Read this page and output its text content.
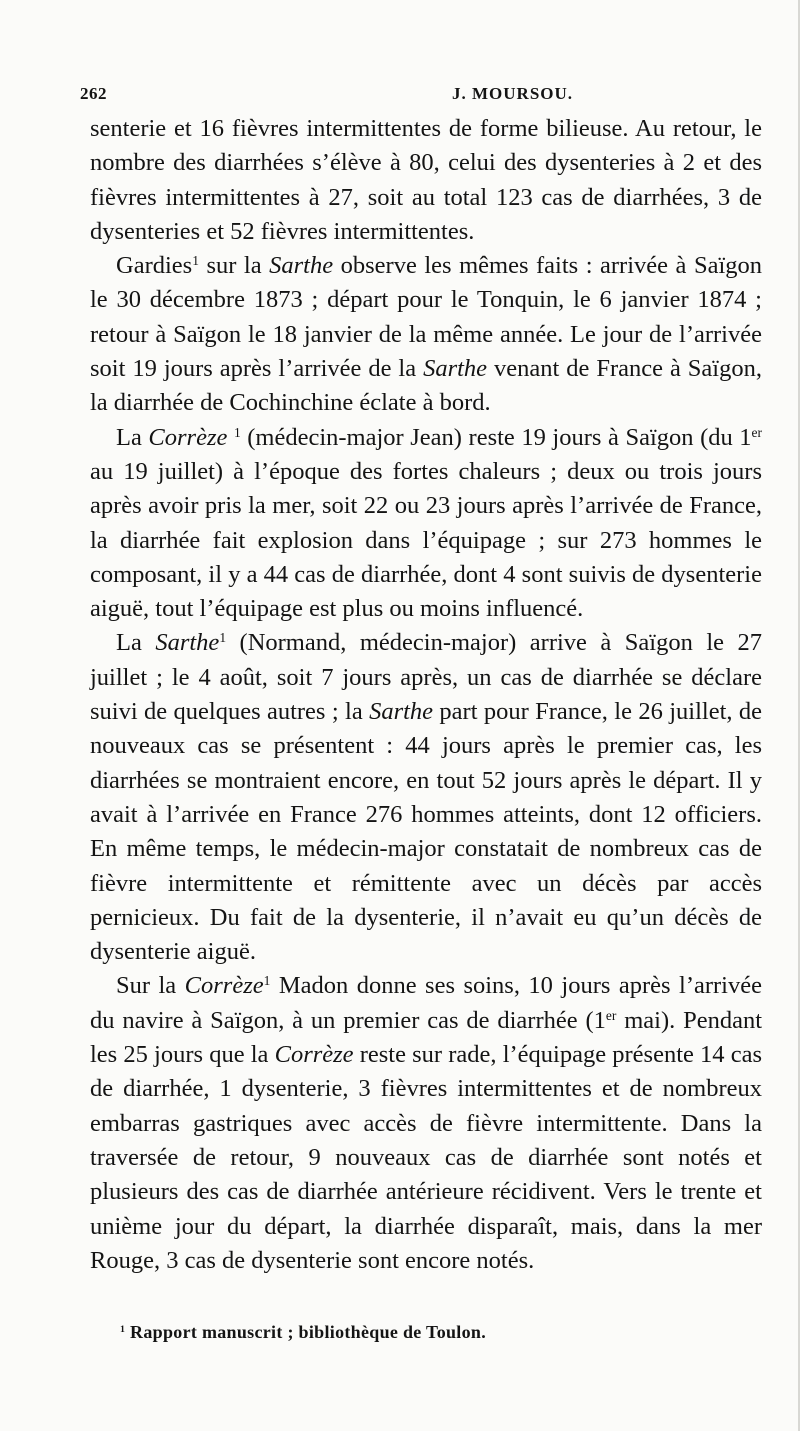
262	J. MOURSOU.

senterie et 16 fièvres intermittentes de forme bilieuse. Au retour, le nombre des diarrhées s’élève à 80, celui des dysenteries à 2 et des fièvres intermittentes à 27, soit au total 123 cas de diarrhées, 3 de dysenteries et 52 fièvres intermittentes.

Gardies$^1$ sur la Sarthe observe les mêmes faits : arrivée à Saïgon le 30 décembre 1873 ; départ pour le Tonquin, le 6 janvier 1874 ; retour à Saïgon le 18 janvier de la même année. Le jour de l’arrivée soit 19 jours après l’arrivée de la Sarthe venant de France à Saïgon, la diarrhée de Cochinchine éclate à bord.

La Corrèze $^1$ (médecin-major Jean) reste 19 jours à Saïgon (du 1er au 19 juillet) à l’époque des fortes chaleurs ; deux ou trois jours après avoir pris la mer, soit 22 ou 23 jours après l’arrivée de France, la diarrhée fait explosion dans l’équipage ; sur 273 hommes le composant, il y a 44 cas de diarrhée, dont 4 sont suivis de dysenterie aiguë, tout l’équipage est plus ou moins influencé.

La Sarthe$^1$ (Normand, médecin-major) arrive à Saïgon le 27 juillet ; le 4 août, soit 7 jours après, un cas de diarrhée se déclare suivi de quelques autres ; la Sarthe part pour France, le 26 juillet, de nouveaux cas se présentent : 44 jours après le premier cas, les diarrhées se montraient encore, en tout 52 jours après le départ. Il y avait à l’arrivée en France 276 hommes atteints, dont 12 officiers. En même temps, le médecin-major constatait de nombreux cas de fièvre intermittente et rémittente avec un décès par accès pernicieux. Du fait de la dysenterie, il n’avait eu qu’un décès de dysenterie aiguë.

Sur la Corrèze$^1$ Madon donne ses soins, 10 jours après l’arrivée du navire à Saïgon, à un premier cas de diarrhée (1er mai). Pendant les 25 jours que la Corrèze reste sur rade, l’équipage présente 14 cas de diarrhée, 1 dysenterie, 3 fièvres intermittentes et de nombreux embarras gastriques avec accès de fièvre intermittente. Dans la traversée de retour, 9 nouveaux cas de diarrhée sont notés et plusieurs des cas de diarrhée antérieure récidivent. Vers le trente et unième jour du départ, la diarrhée disparaît, mais, dans la mer Rouge, 3 cas de dysenterie sont encore notés.

$^1$ Rapport manuscrit ; bibliothèque de Toulon.
